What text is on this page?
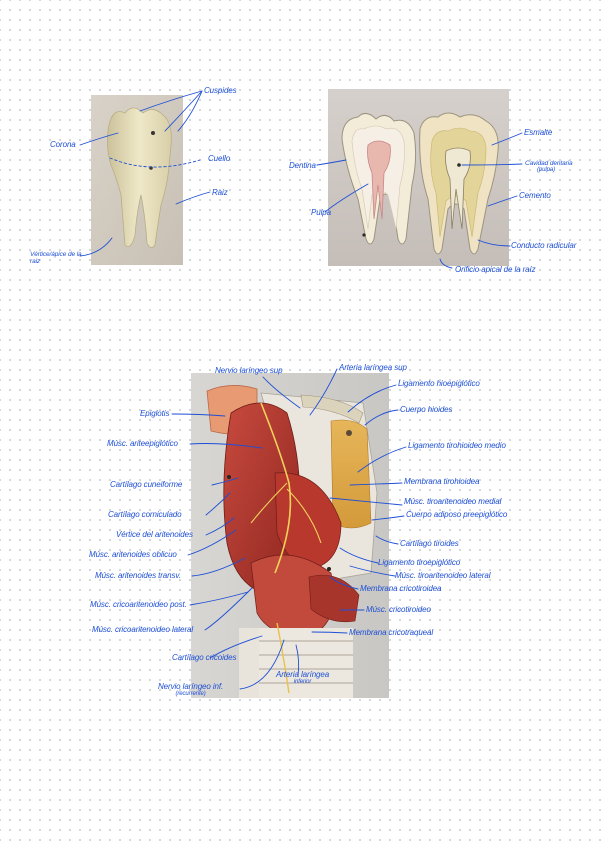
Cuspides
Corona
Cuello
Raiz
Vértice/ápice de la raiz
Esmalte
Dentina	Cavidad dentaria
(pulpa)
Cemento
Pulpa
Conducto radicular
Orificio apical de la raíz
Nervio laríngeo sup	Arteria laríngea sup
Ligamento hioepiglótico
Cuerpo hioides
Epiglotis
Músc. ariteepiglótico	Ligamento tirohioideo medio
Cartílago cuneiforme	Membrana tirohioidea
Músc. tiroaritenoideo medial
Cartílago corniculado	Cuerpo adiposo preepiglótico
Vértice del aritenoides
Cartílago tiroides
Músc. aritenoides oblicuo
Ligamento tiroepiglótico
Músc. aritenoides transv.	Músc. tiroaritenoideo lateral
Membrana cricotiroidea
Músc. cricoaritenoideo post.
Músc. cricotiroideo
Músc. cricoaritenoideo lateral	Membrana cricotraqueal
Cartílago cricoides
Nervio laríngeo inf.
(recurrente)
Arteria laríngea
inferior
